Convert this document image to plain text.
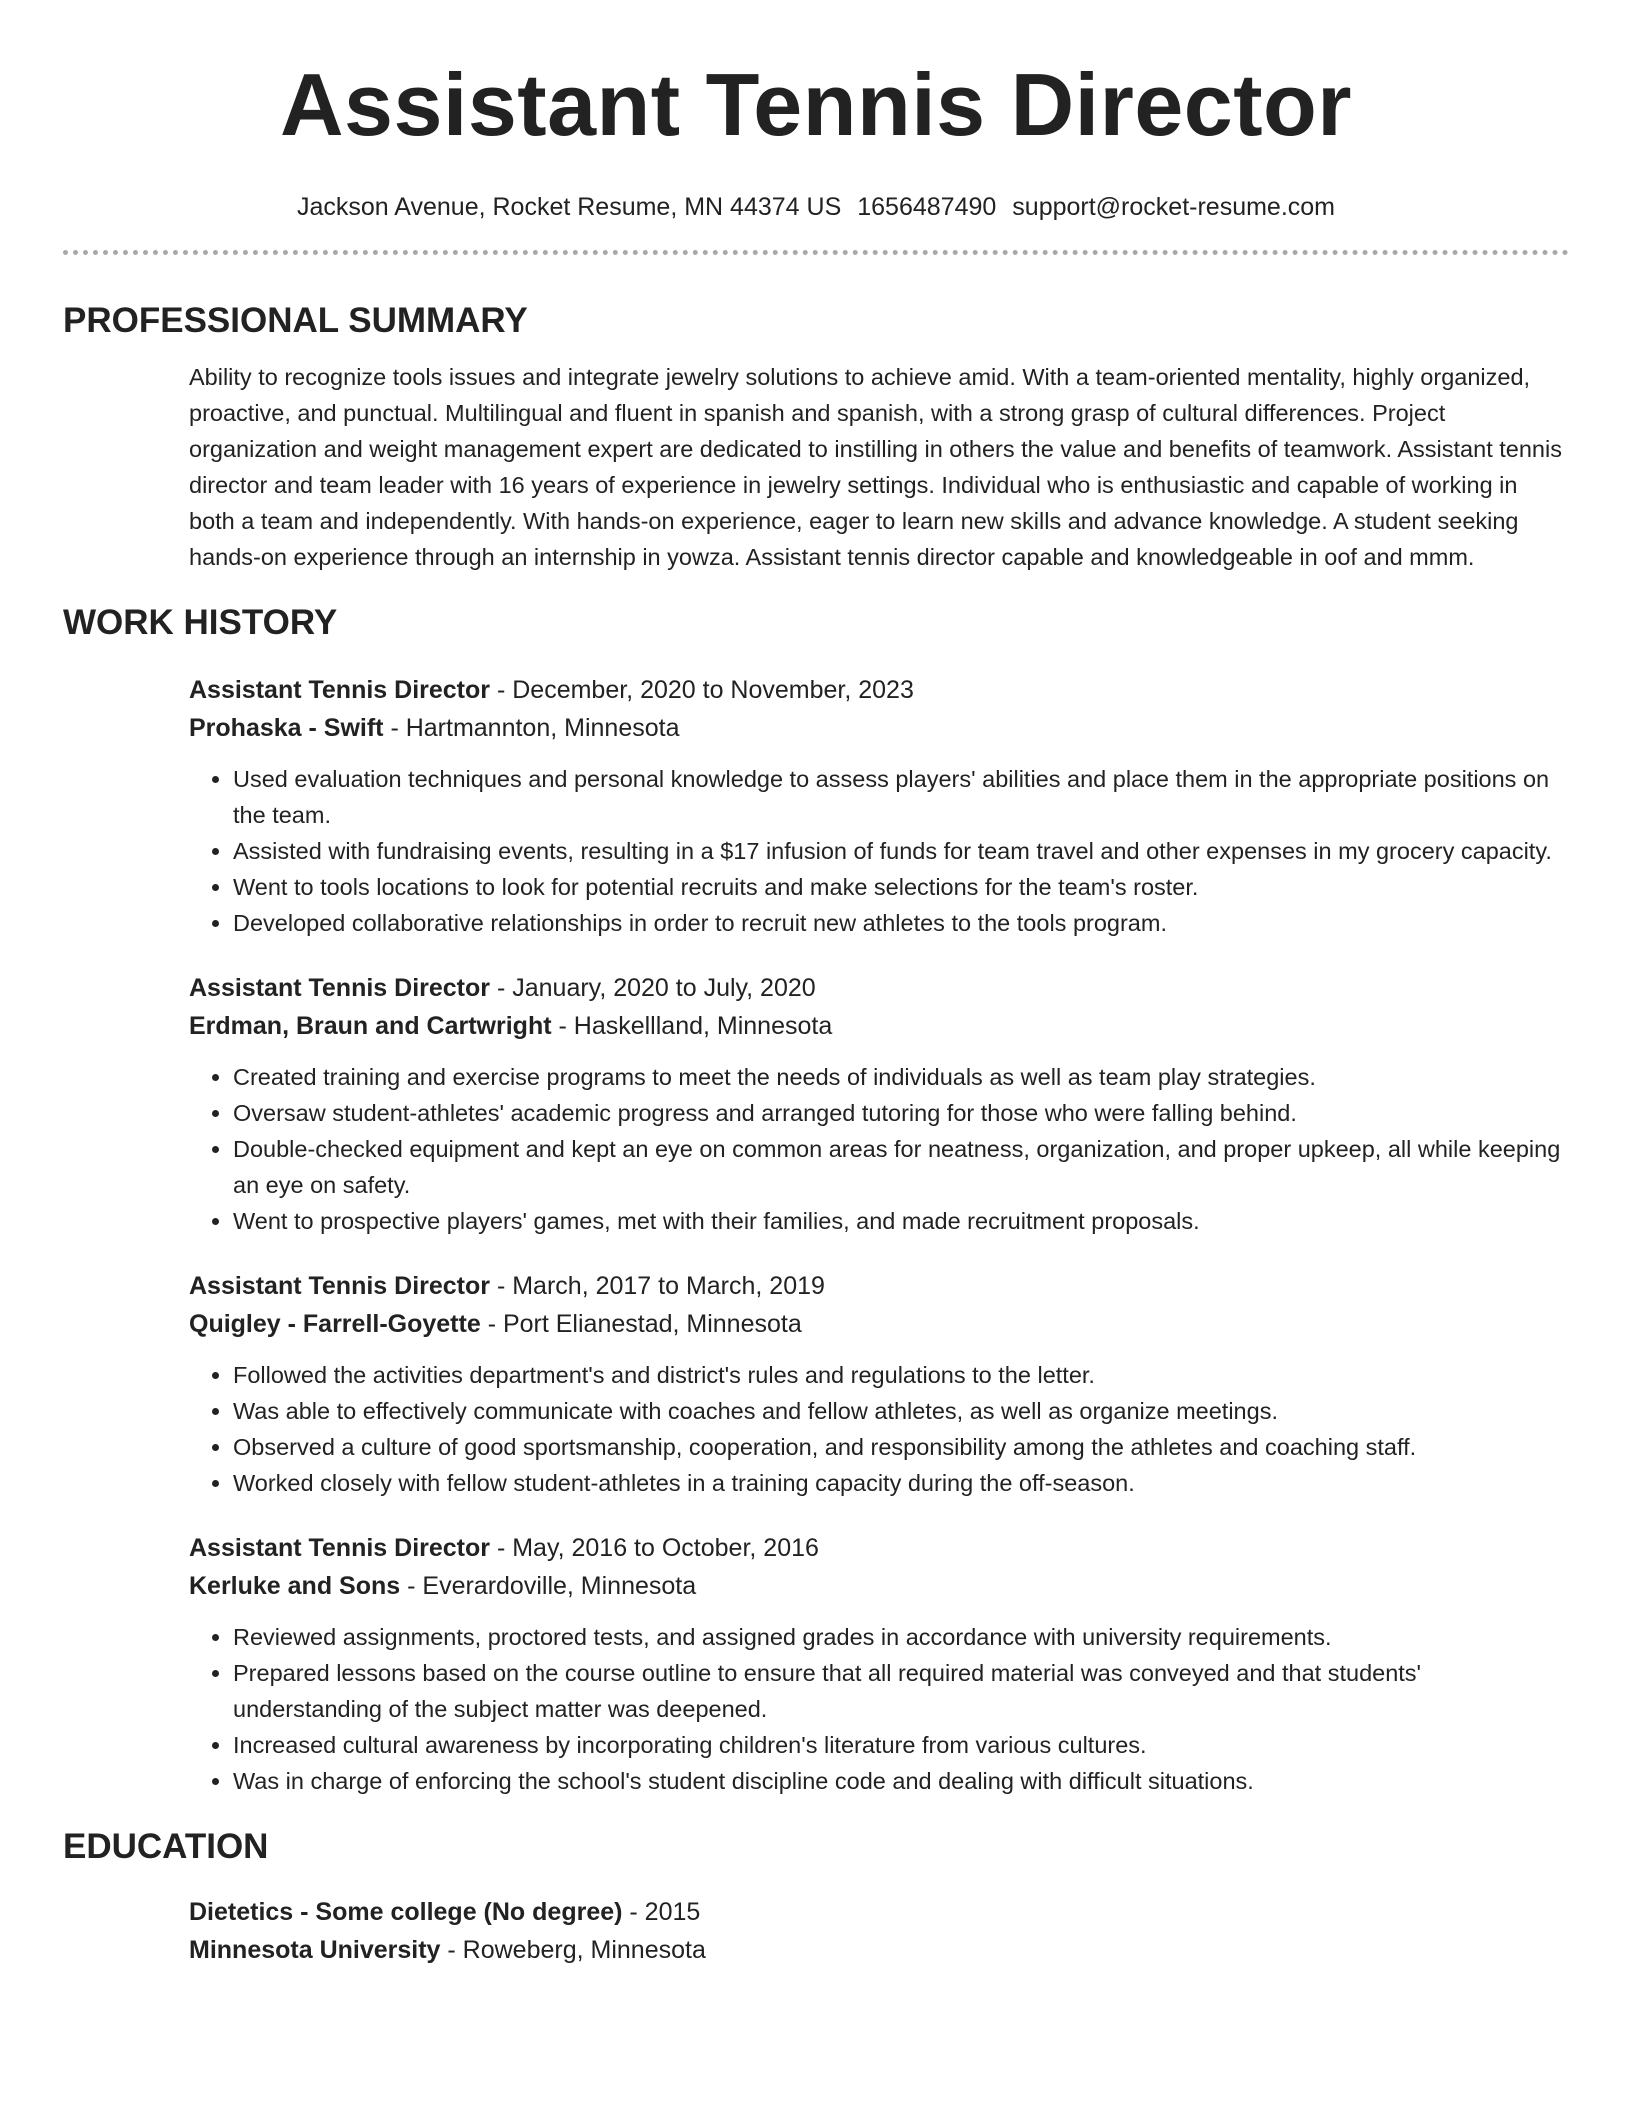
Assistant Tennis Director
Jackson Avenue, Rocket Resume, MN 44374 US 1656487490 support@rocket-resume.com
PROFESSIONAL SUMMARY
Ability to recognize tools issues and integrate jewelry solutions to achieve amid. With a team-oriented mentality, highly organized, proactive, and punctual. Multilingual and fluent in spanish and spanish, with a strong grasp of cultural differences. Project organization and weight management expert are dedicated to instilling in others the value and benefits of teamwork. Assistant tennis director and team leader with 16 years of experience in jewelry settings. Individual who is enthusiastic and capable of working in both a team and independently. With hands-on experience, eager to learn new skills and advance knowledge. A student seeking hands-on experience through an internship in yowza. Assistant tennis director capable and knowledgeable in oof and mmm.
WORK HISTORY
Assistant Tennis Director - December, 2020 to November, 2023
Prohaska - Swift - Hartmannton, Minnesota
• Used evaluation techniques and personal knowledge to assess players' abilities and place them in the appropriate positions on the team.
• Assisted with fundraising events, resulting in a $17 infusion of funds for team travel and other expenses in my grocery capacity.
• Went to tools locations to look for potential recruits and make selections for the team's roster.
• Developed collaborative relationships in order to recruit new athletes to the tools program.
Assistant Tennis Director - January, 2020 to July, 2020
Erdman, Braun and Cartwright - Haskellland, Minnesota
• Created training and exercise programs to meet the needs of individuals as well as team play strategies.
• Oversaw student-athletes' academic progress and arranged tutoring for those who were falling behind.
• Double-checked equipment and kept an eye on common areas for neatness, organization, and proper upkeep, all while keeping an eye on safety.
• Went to prospective players' games, met with their families, and made recruitment proposals.
Assistant Tennis Director - March, 2017 to March, 2019
Quigley - Farrell-Goyette - Port Elianestad, Minnesota
• Followed the activities department's and district's rules and regulations to the letter.
• Was able to effectively communicate with coaches and fellow athletes, as well as organize meetings.
• Observed a culture of good sportsmanship, cooperation, and responsibility among the athletes and coaching staff.
• Worked closely with fellow student-athletes in a training capacity during the off-season.
Assistant Tennis Director - May, 2016 to October, 2016
Kerluke and Sons - Everardoville, Minnesota
• Reviewed assignments, proctored tests, and assigned grades in accordance with university requirements.
• Prepared lessons based on the course outline to ensure that all required material was conveyed and that students' understanding of the subject matter was deepened.
• Increased cultural awareness by incorporating children's literature from various cultures.
• Was in charge of enforcing the school's student discipline code and dealing with difficult situations.
EDUCATION
Dietetics - Some college (No degree) - 2015
Minnesota University - Roweberg, Minnesota
